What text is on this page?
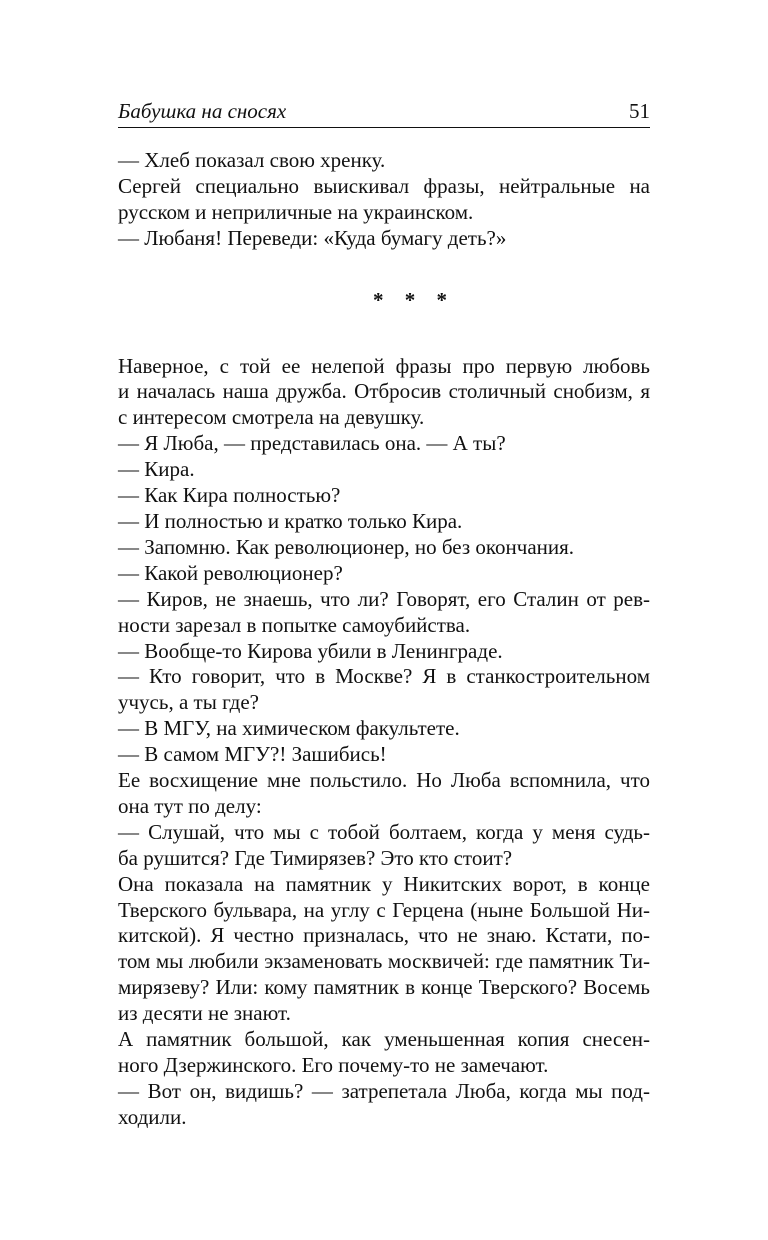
Бабушка на сносях	51

— Хлеб показал свою хренку.

Сергей специально выискивал фразы, нейтральные на
русском и неприличные на украинском.

— Любаня! Переведи: «Куда бумагу деть?»

* * *

Наверное, с той ее нелепой фразы про первую любовь
и началась наша дружба. Отбросив столичный снобизм, я
с интересом смотрела на девушку.

— Я Люба, — представилась она. — А ты?

— Кира.

— Как Кира полностью?

— И полностью и кратко только Кира.

— Запомню. Как революционер, но без окончания.

— Какой революционер?

— Киров, не знаешь, что ли? Говорят, его Сталин от рев-
ности зарезал в попытке самоубийства.

— Вообще-то Кирова убили в Ленинграде.

— Кто говорит, что в Москве? Я в станкостроительном
учусь, а ты где?

— В МГУ, на химическом факультете.

— В самом МГУ?! Зашибись!

Ее восхищение мне польстило. Но Люба вспомнила, что
она тут по делу:

— Слушай, что мы с тобой болтаем, когда у меня судь-
ба рушится? Где Тимирязев? Это кто стоит?

Она показала на памятник у Никитских ворот, в конце
Тверского бульвара, на углу с Герцена (ныне Большой Ни-
китской). Я честно призналась, что не знаю. Кстати, по-
том мы любили экзаменовать москвичей: где памятник Ти-
мирязеву? Или: кому памятник в конце Тверского? Восемь
из десяти не знают.

А памятник большой, как уменьшенная копия снесен-
ного Дзержинского. Его почему-то не замечают.

— Вот он, видишь? — затрепетала Люба, когда мы под-
ходили.
